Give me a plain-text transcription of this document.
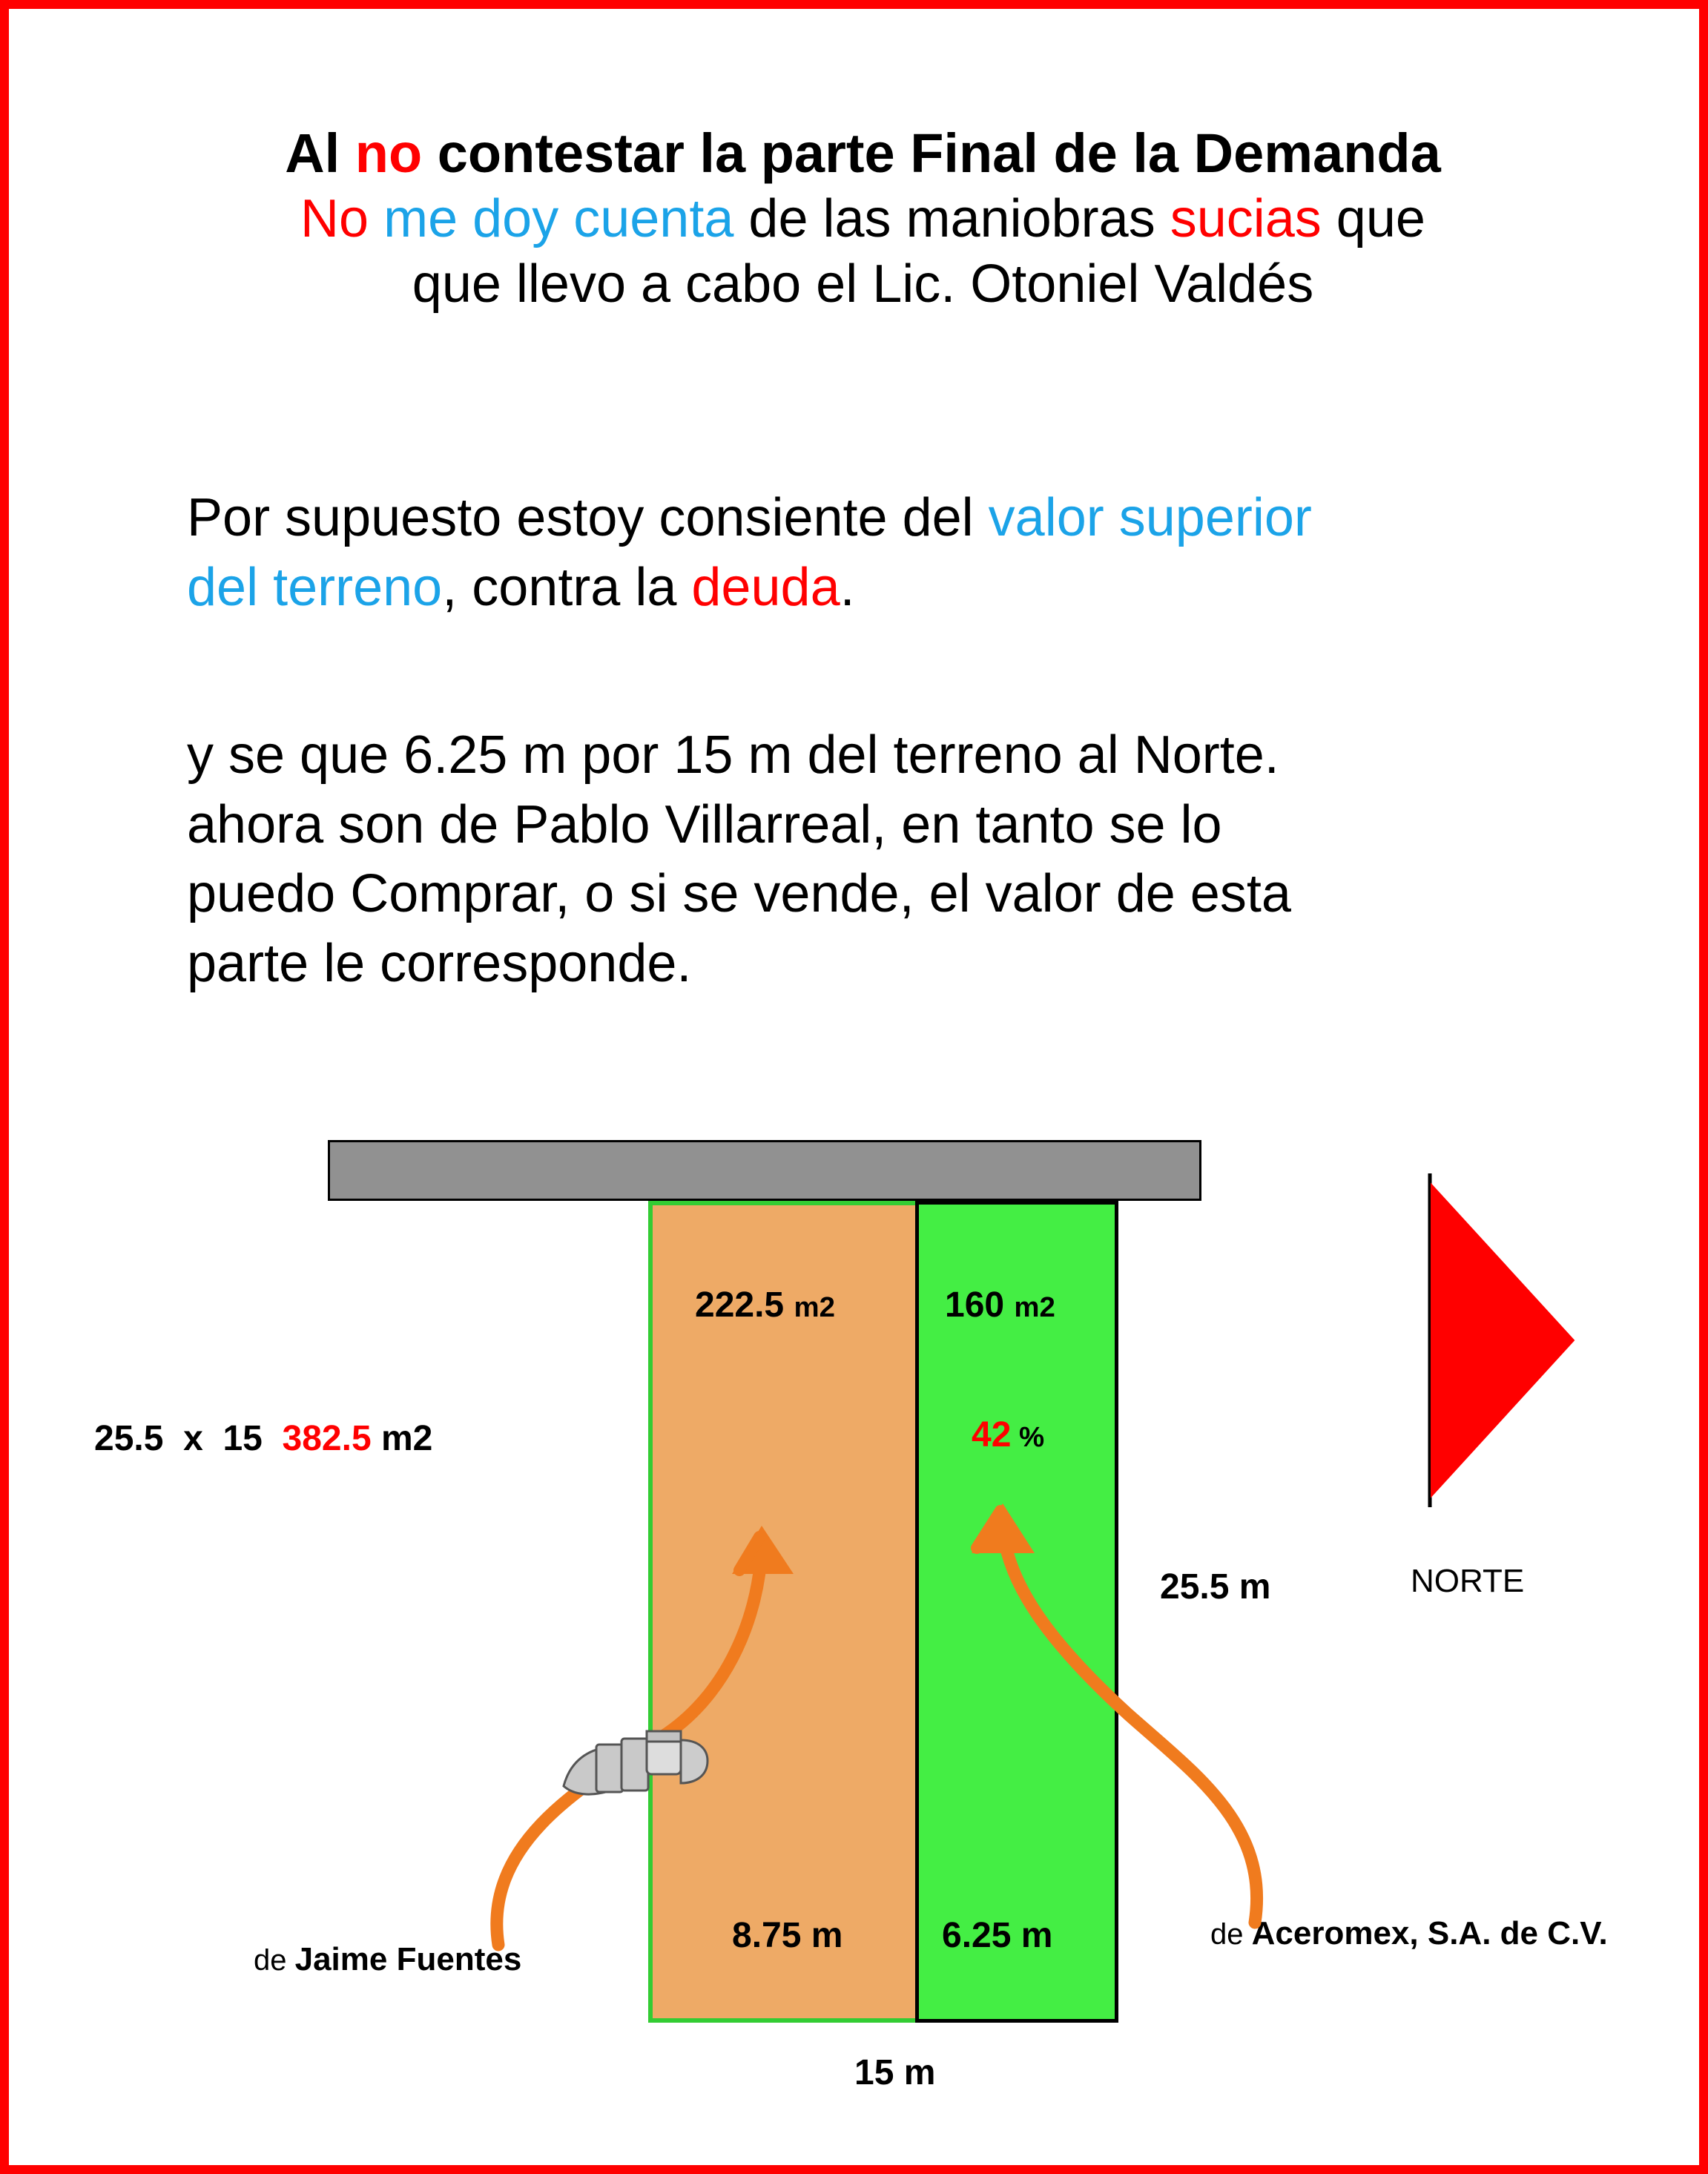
Al no contestar la parte Final de la Demanda
No me doy cuenta de las maniobras sucias que
que llevo a cabo el Lic. Otoniel Valdés
Por supuesto estoy consiente del valor superior
del terreno, contra la deuda.
y se que 6.25 m por 15 m del terreno al Norte.
ahora son de Pablo Villarreal, en tanto se lo
puedo Comprar, o si se vende, el valor de esta
parte le corresponde.
222.5 m2	160 m2
42 %
25.5  x  15  382.5 m2
8.75 m	6.25 m
15 m
25.5 m
de Jaime Fuentes
de Aceromex, S.A. de C.V.
NORTE
